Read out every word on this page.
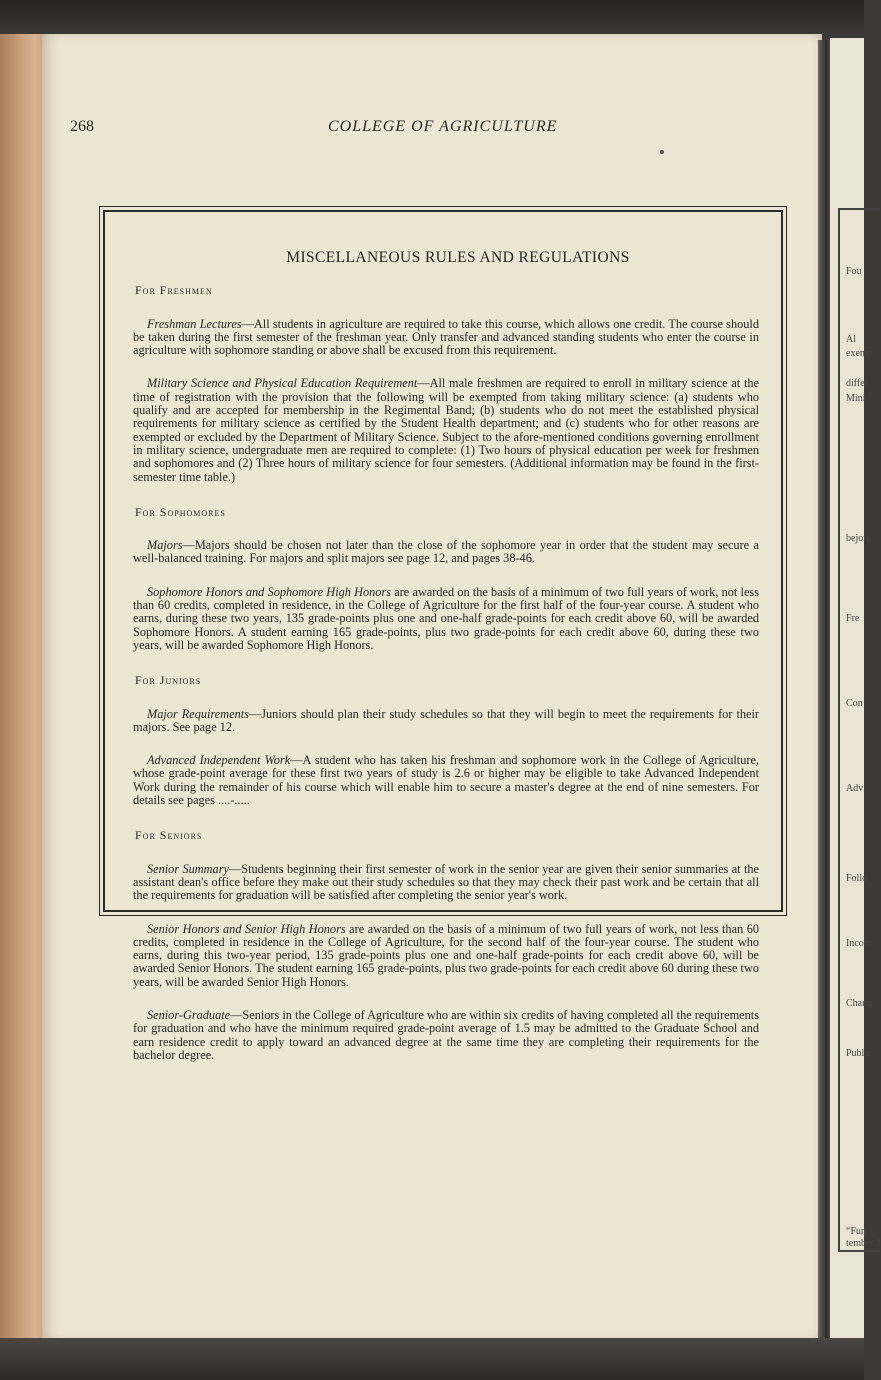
Fou
Al
exemp
differ
Mini
bejore
Fre
Con
Adv
Follo
Incom
Chang
Public
“Fun
tember 1
268	COLLEGE OF AGRICULTURE
MISCELLANEOUS RULES AND REGULATIONS
For Freshmen

Freshman Lectures—All students in agriculture are required to take this course, which allows one credit. The course should be taken during the first semester of the freshman year. Only transfer and advanced standing students who enter the course in agriculture with sophomore standing or above shall be excused from this requirement.

Military Science and Physical Education Requirement—All male freshmen are required to enroll in military science at the time of registration with the provision that the following will be exempted from taking military science: (a) students who qualify and are accepted for membership in the Regimental Band; (b) students who do not meet the established physical requirements for military science as certified by the Student Health department; and (c) students who for other reasons are exempted or excluded by the Department of Military Science. Subject to the afore-mentioned conditions governing enrollment in military science, undergraduate men are required to complete: (1) Two hours of physical education per week for freshmen and sophomores and (2) Three hours of military science for four semesters. (Additional information may be found in the first-semester time table.)

For Sophomores

Majors—Majors should be chosen not later than the close of the sophomore year in order that the student may secure a well-balanced training. For majors and split majors see page 12, and pages 38-46.

Sophomore Honors and Sophomore High Honors are awarded on the basis of a minimum of two full years of work, not less than 60 credits, completed in residence, in the College of Agriculture for the first half of the four-year course. A student who earns, during these two years, 135 grade-points plus one and one-half grade-points for each credit above 60, will be awarded Sophomore Honors. A student earning 165 grade-points, plus two grade-points for each credit above 60, during these two years, will be awarded Sophomore High Honors.

For Juniors

Major Requirements—Juniors should plan their study schedules so that they will begin to meet the requirements for their majors. See page 12.

Advanced Independent Work—A student who has taken his freshman and sophomore work in the College of Agriculture, whose grade-point average for these first two years of study is 2.6 or higher may be eligible to take Advanced Independent Work during the remainder of his course which will enable him to secure a master's degree at the end of nine semesters. For details see pages ....-.....

For Seniors

Senior Summary—Students beginning their first semester of work in the senior year are given their senior summaries at the assistant dean's office before they make out their study schedules so that they may check their past work and be certain that all the requirements for graduation will be satisfied after completing the senior year's work.

Senior Honors and Senior High Honors are awarded on the basis of a minimum of two full years of work, not less than 60 credits, completed in residence in the College of Agriculture, for the second half of the four-year course. The student who earns, during this two-year period, 135 grade-points plus one and one-half grade-points for each credit above 60, will be awarded Senior Honors. The student earning 165 grade-points, plus two grade-points for each credit above 60 during these two years, will be awarded Senior High Honors.

Senior-Graduate—Seniors in the College of Agriculture who are within six credits of having completed all the requirements for graduation and who have the minimum required grade-point average of 1.5 may be admitted to the Graduate School and earn residence credit to apply toward an advanced degree at the same time they are completing their requirements for the bachelor degree.
